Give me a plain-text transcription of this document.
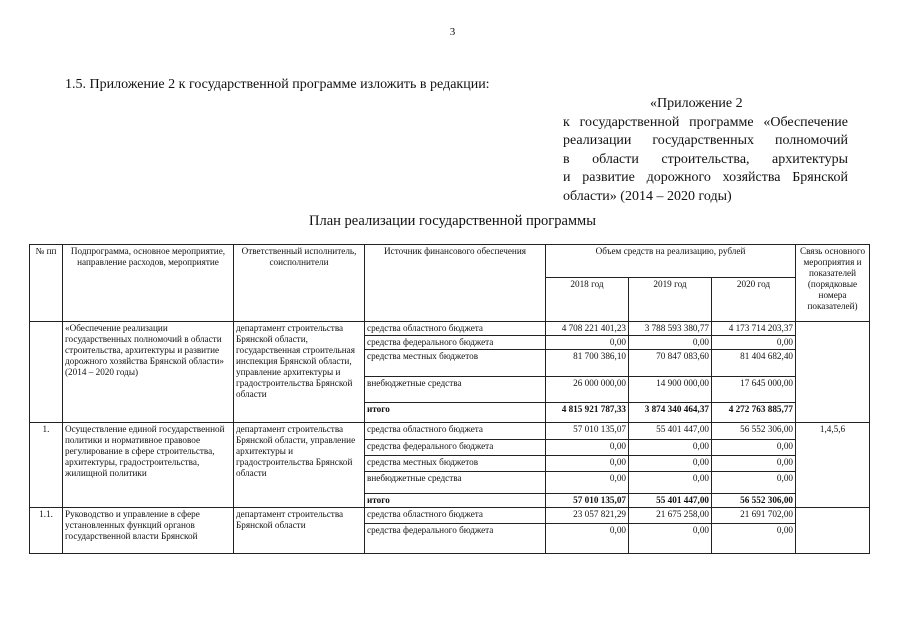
3
1.5. Приложение 2 к государственной программе изложить в редакции:
«Приложение 2
к государственной программе «Обеспечение
реализации государственных полномочий
в области строительства, архитектуры
и развитие дорожного хозяйства Брянской
области» (2014 – 2020 годы)
План реализации государственной программы
№ пп	Подпрограмма, основное мероприятие, направление расходов, мероприятие	Ответственный исполнитель, соисполнители	Источник финансового обеспечения	Объем средств на реализацию, рублей			Связь основного мероприятия и показателей (порядковые номера показателей)
				2018 год	2019 год	2020 год	
	«Обеспечение реализации государственных полномочий в области строительства, архитектуры и развитие дорожного хозяйства Брянской области» (2014 – 2020 годы)	департамент строительства Брянской области, государственная строительная инспекция Брянской области, управление архитектуры и градостроительства Брянской области	средства областного бюджета	4 708 221 401,23	3 788 593 380,77	4 173 714 203,37	
			средства федерального бюджета	0,00	0,00	0,00	
			средства местных бюджетов	81 700 386,10	70 847 083,60	81 404 682,40	
			внебюджетные средства	26 000 000,00	14 900 000,00	17 645 000,00	
			итого	4 815 921 787,33	3 874 340 464,37	4 272 763 885,77	
1.	Осуществление единой государственной политики и нормативное правовое регулирование в сфере строительства, архитектуры, градостроительства, жилищной политики	департамент строительства Брянской области, управление архитектуры и градостроительства Брянской области	средства областного бюджета	57 010 135,07	55 401 447,00	56 552 306,00	1,4,5,6
			средства федерального бюджета	0,00	0,00	0,00	
			средства местных бюджетов	0,00	0,00	0,00	
			внебюджетные средства	0,00	0,00	0,00	
			итого	57 010 135,07	55 401 447,00	56 552 306,00	
1.1.	Руководство и управление в сфере установленных функций органов государственной власти Брянской	департамент строительства Брянской области	средства областного бюджета	23 057 821,29	21 675 258,00	21 691 702,00	
			средства федерального бюджета	0,00	0,00	0,00	
